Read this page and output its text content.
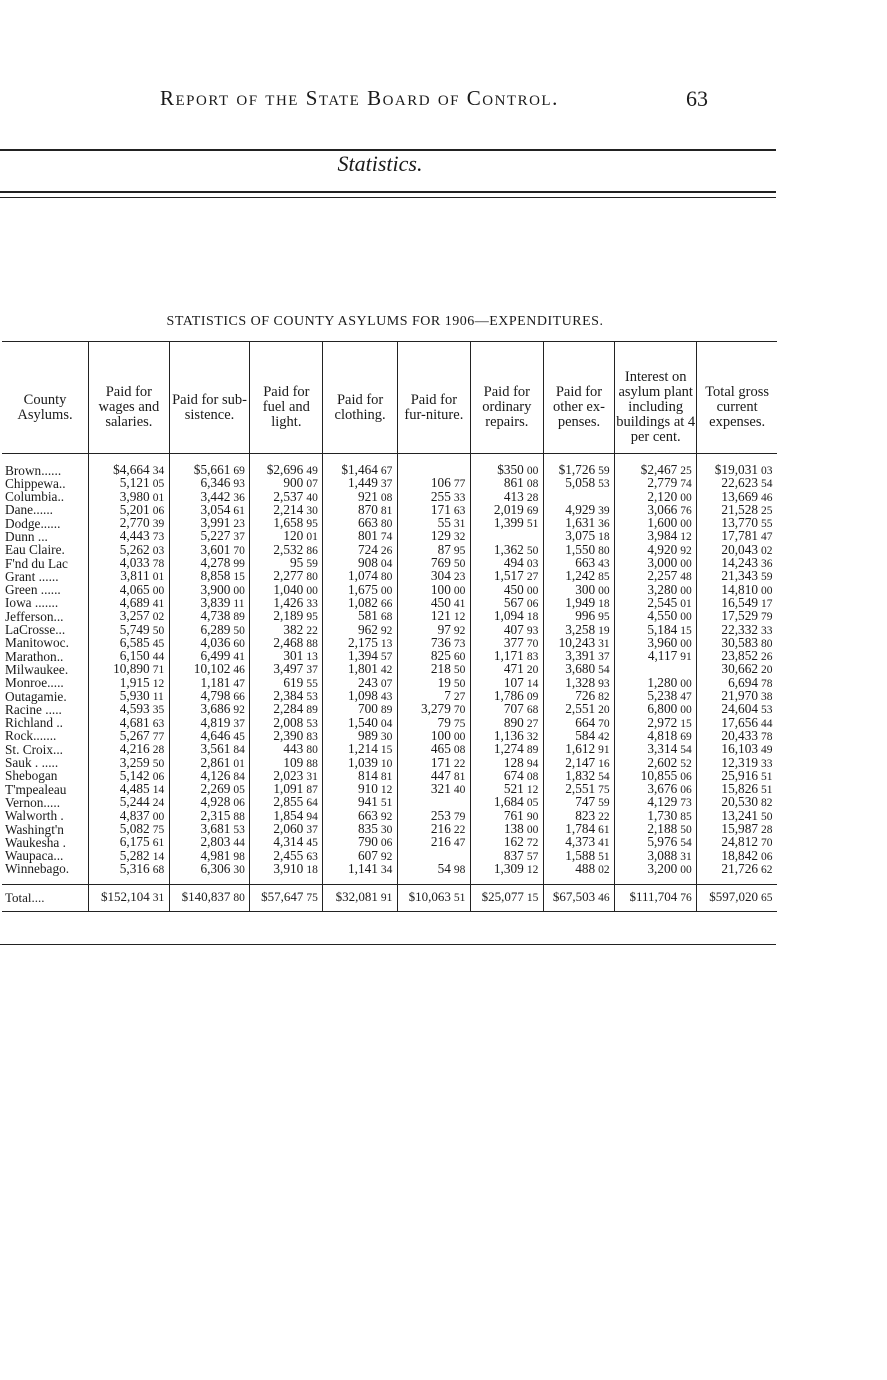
Report of the State Board of Control.	63
Statistics.
STATISTICS OF COUNTY ASYLUMS FOR 1906—EXPENDITURES.
County Asylums.	Paid for wages and salaries.	Paid for sub-sistence.	Paid for fuel and light.	Paid for clothing.	Paid for fur-niture.	Paid for ordinary repairs.	Paid for other ex-penses.	Interest on asylum plant including buildings at 4 per cent.	Total gross current expenses.
Brown......	$4,664 34	$5,661 69	$2,696 49	$1,464 67		$350 00	$1,726 59	$2,467 25	$19,031 03
Chippewa..	5,121 05	6,346 93	900 07	1,449 37	106 77	861 08	5,058 53	2,779 74	22,623 54
Columbia..	3,980 01	3,442 36	2,537 40	921 08	255 33	413 28		2,120 00	13,669 46
Dane......	5,201 06	3,054 61	2,214 30	870 81	171 63	2,019 69	4,929 39	3,066 76	21,528 25
Dodge......	2,770 39	3,991 23	1,658 95	663 80	55 31	1,399 51	1,631 36	1,600 00	13,770 55
Dunn ...	4,443 73	5,227 37	120 01	801 74	129 32		3,075 18	3,984 12	17,781 47
Eau Claire.	5,262 03	3,601 70	2,532 86	724 26	87 95	1,362 50	1,550 80	4,920 92	20,043 02
F'nd du Lac	4,033 78	4,278 99	95 59	908 04	769 50	494 03	663 43	3,000 00	14,243 36
Grant ......	3,811 01	8,858 15	2,277 80	1,074 80	304 23	1,517 27	1,242 85	2,257 48	21,343 59
Green ......	4,065 00	3,900 00	1,040 00	1,675 00	100 00	450 00	300 00	3,280 00	14,810 00
Iowa .......	4,689 41	3,839 11	1,426 33	1,082 66	450 41	567 06	1,949 18	2,545 01	16,549 17
Jefferson...	3,257 02	4,738 89	2,189 95	581 68	121 12	1,094 18	996 95	4,550 00	17,529 79
LaCrosse...	5,749 50	6,289 50	382 22	962 92	97 92	407 93	3,258 19	5,184 15	22,332 33
Manitowoc.	6,585 45	4,036 60	2,468 88	2,175 13	736 73	377 70	10,243 31	3,960 00	30,583 80
Marathon..	6,150 44	6,499 41	301 13	1,394 57	825 60	1,171 83	3,391 37	4,117 91	23,852 26
Milwaukee.	10,890 71	10,102 46	3,497 37	1,801 42	218 50	471 20	3,680 54		30,662 20
Monroe.....	1,915 12	1,181 47	619 55	243 07	19 50	107 14	1,328 93	1,280 00	6,694 78
Outagamie.	5,930 11	4,798 66	2,384 53	1,098 43	7 27	1,786 09	726 82	5,238 47	21,970 38
Racine .....	4,593 35	3,686 92	2,284 89	700 89	3,279 70	707 68	2,551 20	6,800 00	24,604 53
Richland ..	4,681 63	4,819 37	2,008 53	1,540 04	79 75	890 27	664 70	2,972 15	17,656 44
Rock.......	5,267 77	4,646 45	2,390 83	989 30	100 00	1,136 32	584 42	4,818 69	20,433 78
St. Croix...	4,216 28	3,561 84	443 80	1,214 15	465 08	1,274 89	1,612 91	3,314 54	16,103 49
Sauk . .....	3,259 50	2,861 01	109 88	1,039 10	171 22	128 94	2,147 16	2,602 52	12,319 33
Shebogan	5,142 06	4,126 84	2,023 31	814 81	447 81	674 08	1,832 54	10,855 06	25,916 51
T'mpealeau	4,485 14	2,269 05	1,091 87	910 12	321 40	521 12	2,551 75	3,676 06	15,826 51
Vernon.....	5,244 24	4,928 06	2,855 64	941 51		1,684 05	747 59	4,129 73	20,530 82
Walworth .	4,837 00	2,315 88	1,854 94	663 92	253 79	761 90	823 22	1,730 85	13,241 50
Washingt'n	5,082 75	3,681 53	2,060 37	835 30	216 22	138 00	1,784 61	2,188 50	15,987 28
Waukesha .	6,175 61	2,803 44	4,314 45	790 06	216 47	162 72	4,373 41	5,976 54	24,812 70
Waupaca...	5,282 14	4,981 98	2,455 63	607 92		837 57	1,588 51	3,088 31	18,842 06
Winnebago.	5,316 68	6,306 30	3,910 18	1,141 34	54 98	1,309 12	488 02	3,200 00	21,726 62
Total....	$152,104 31	$140,837 80	$57,647 75	$32,081 91	$10,063 51	$25,077 15	$67,503 46	$111,704 76	$597,020 65
